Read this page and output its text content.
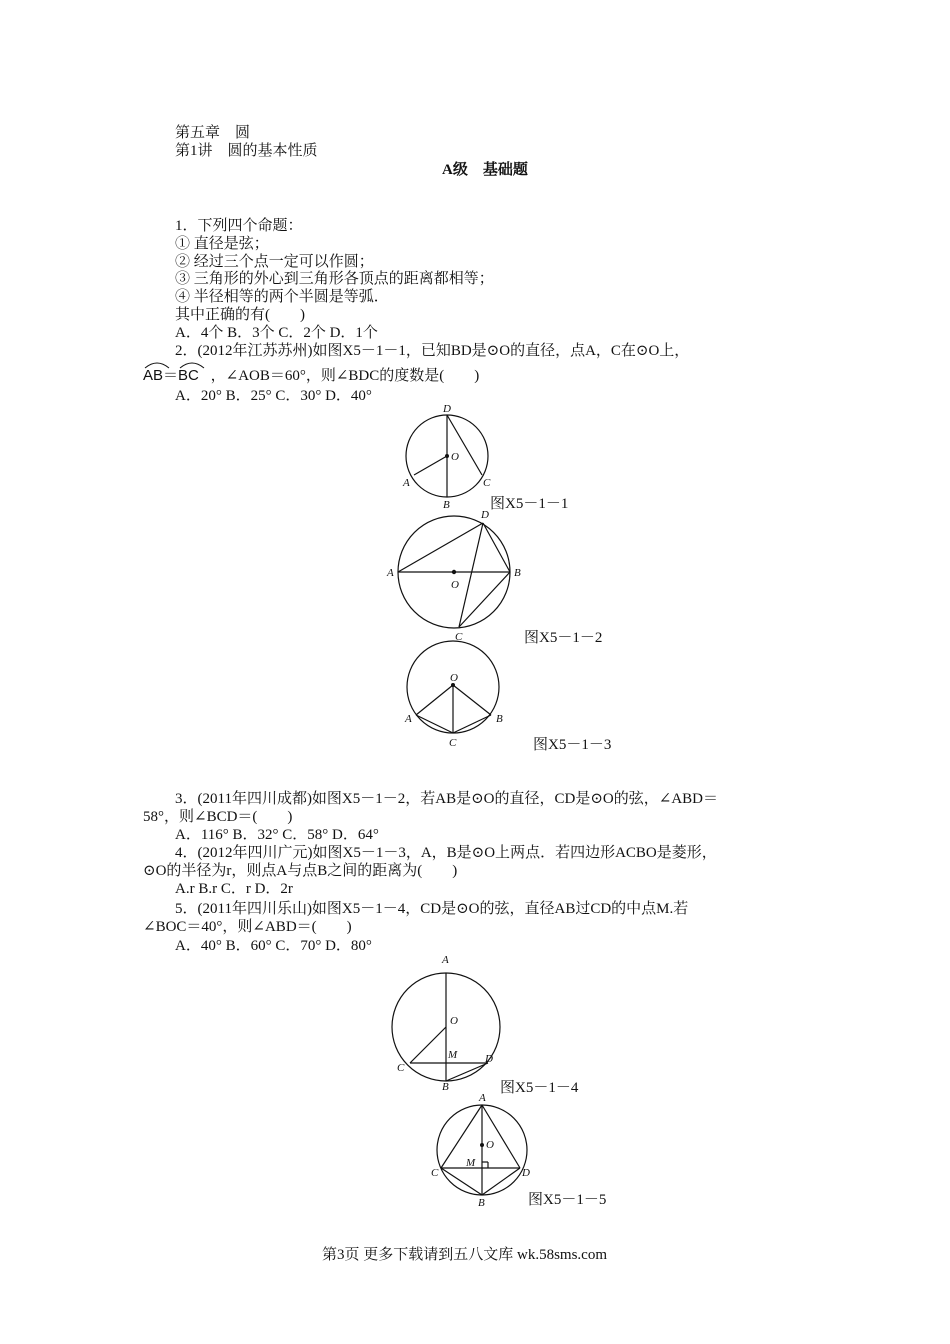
第五章　圆
第1讲　圆的基本性质
A级　基础题
1．下列四个命题：
① 直径是弦；
② 经过三个点一定可以作圆；
③ 三角形的外心到三角形各顶点的距离都相等；
④ 半径相等的两个半圆是等弧．
其中正确的有(　　)
A．4个 B．3个 C．2个 D．1个
2．(2012年江苏苏州)如图X5－1－1，已知BD是⊙O的直径，点A，C在⊙O上，
AB＝
BC ，∠AOB＝60°，则∠BDC的度数是(　　)
A．20° B．25° C．30° D．40°
D
O
A	C
B	图X5－1－1
A	B
D
O
C	图X5－1－2
O
A	B
C	图X5－1－3
3．(2011年四川成都)如图X5－1－2，若AB是⊙O的直径，CD是⊙O的弦，∠ABD＝
58°，则∠BCD＝(　　)
A．116° B．32° C．58° D．64°
4．(2012年四川广元)如图X5－1－3，A，B是⊙O上两点．若四边形ACBO是菱形，
⊙O的半径为r，则点A与点B之间的距离为(　　)
A.r B.r C．r D．2r
5．(2011年四川乐山)如图X5－1－4，CD是⊙O的弦，直径AB过CD的中点M.若
∠BOC＝40°，则∠ABD＝(　　)
A．40° B．60° C．70° D．80°
A
O
M
C
D
B	图X5－1－4
A
O
M
C	D
B	图X5－1－5
第3页 更多下载请到五八文库 wk.58sms.com
